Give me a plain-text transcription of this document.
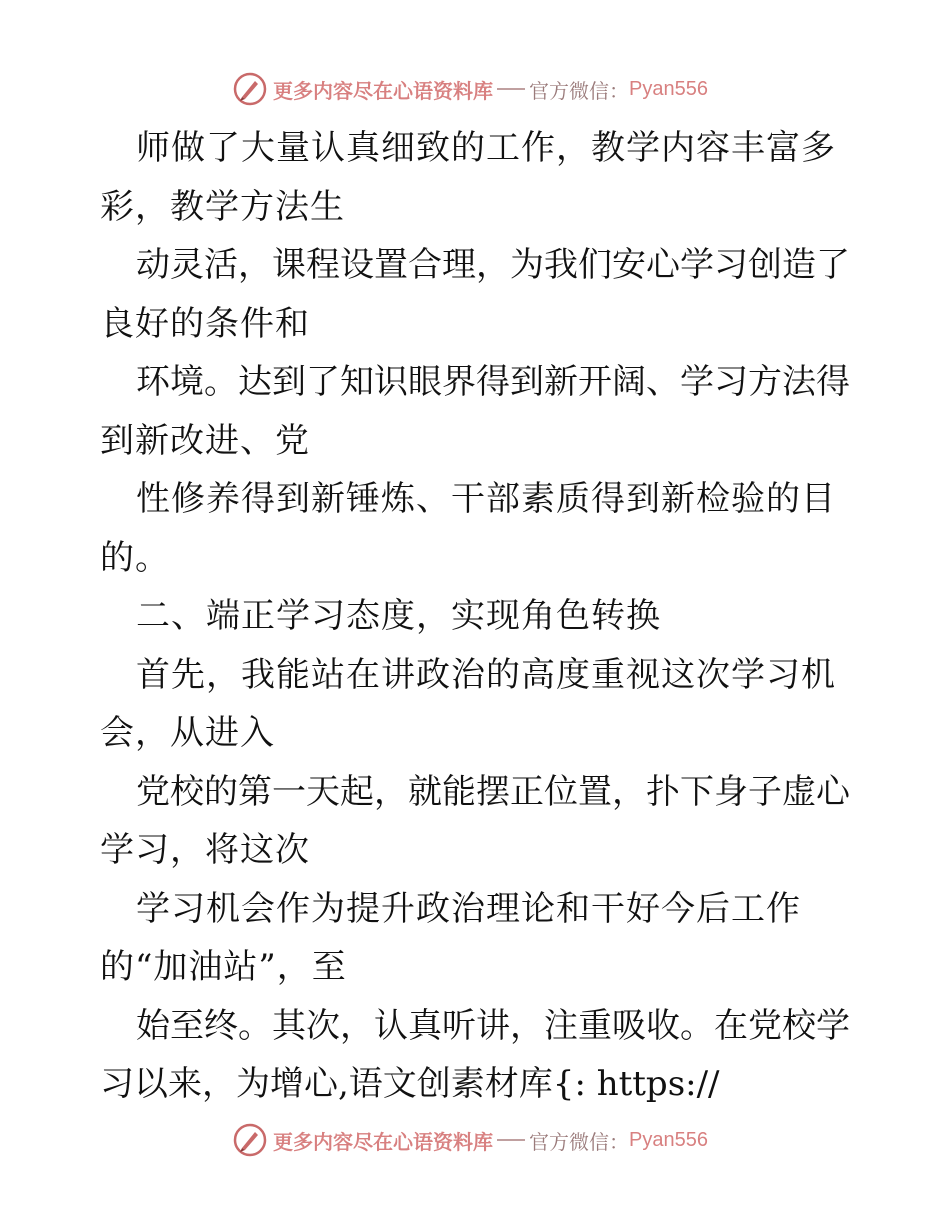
更多内容尽在心语资料库 官方微信： Pyan556
师做了大量认真细致的工作，教学内容丰富多
彩，教学方法生
动灵活，课程设置合理，为我们安心学习创造了
良好的条件和
环境。达到了知识眼界得到新开阔、学习方法得
到新改进、党
性修养得到新锤炼、干部素质得到新检验的目
的。
二、端正学习态度，实现角色转换
首先，我能站在讲政治的高度重视这次学习机
会，从进入
党校的第一天起，就能摆正位置，扑下身子虚心
学习，将这次
学习机会作为提升政治理论和干好今后工作
的“加油站”，至
始至终。其次，认真听讲，注重吸收。在党校学
习以来，为增心,语文创素材库{: https://
更多内容尽在心语资料库 官方微信： Pyan556
